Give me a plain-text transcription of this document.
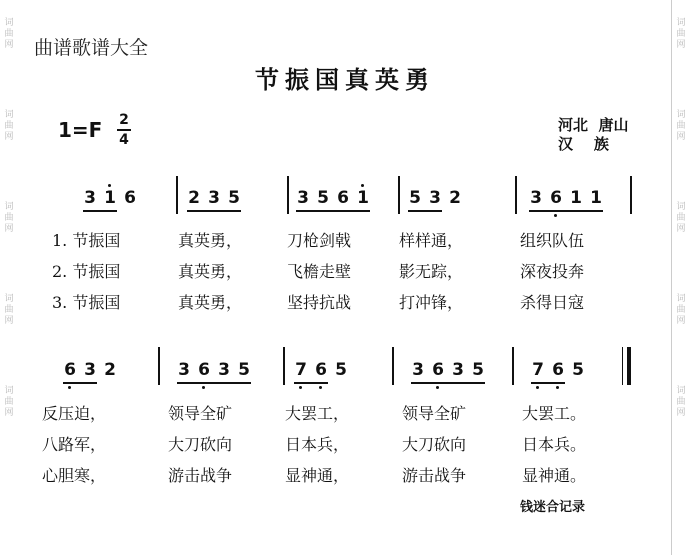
词
曲
网
词
曲
网
词
曲
网
词
曲
网
词
曲
网
词
曲
网
词
曲
网
词
曲
网
词
曲
网
词
曲
网
曲谱歌谱大全
节振国真英勇
1=F 2
4
河北  唐山
汉    族
3 1 6	2 3 5	3 5 6 1 5 3 2	3 6 1 1
1. 节振国	真英勇，	刀枪剑戟	样样通，	组织队伍
2. 节振国	真英勇，	飞檐走壁	影无踪，	深夜投奔
3. 节振国	真英勇，	坚持抗战	打冲锋，	杀得日寇
6 3 2	3 6 3 5	7 6 5	3 6 3 5	7 6 5
反压迫，	领导全矿	大罢工，	领导全矿	大罢工。
八路军，	大刀砍向	日本兵，	大刀砍向	日本兵。
心胆寒，	游击战争	显神通，	游击战争	显神通。
钱迷合记录
